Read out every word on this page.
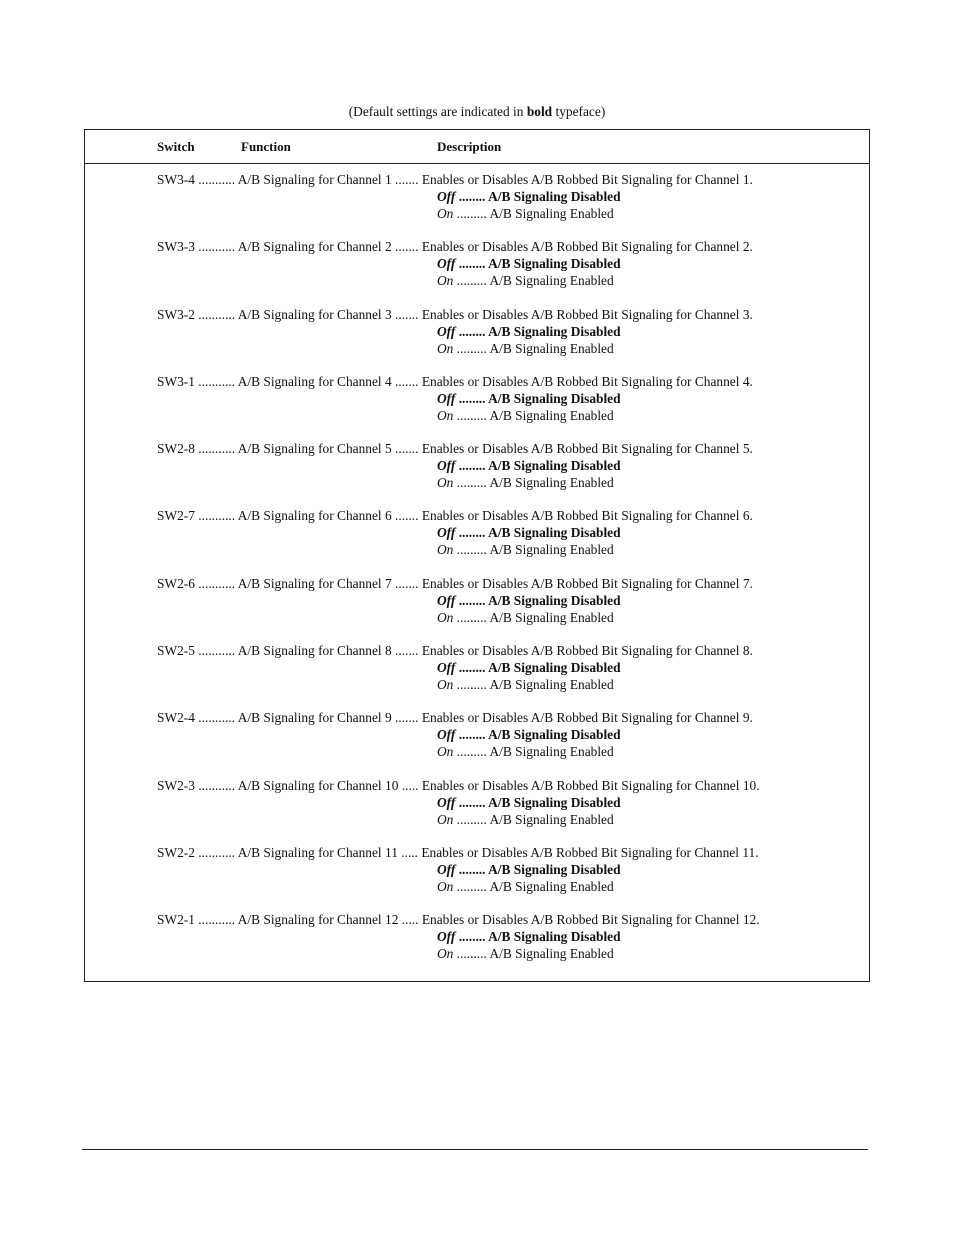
(Default settings are indicated in bold typeface)
Switch	Function	Description
SW3-4 ........... A/B Signaling for Channel 1 ....... Enables or Disables A/B Robbed Bit Signaling for Channel 1.
Off ........ A/B Signaling Disabled
On ......... A/B Signaling Enabled
SW3-3 ........... A/B Signaling for Channel 2 ....... Enables or Disables A/B Robbed Bit Signaling for Channel 2.
Off ........ A/B Signaling Disabled
On ......... A/B Signaling Enabled
SW3-2 ........... A/B Signaling for Channel 3 ....... Enables or Disables A/B Robbed Bit Signaling for Channel 3.
Off ........ A/B Signaling Disabled
On ......... A/B Signaling Enabled
SW3-1 ........... A/B Signaling for Channel 4 ....... Enables or Disables A/B Robbed Bit Signaling for Channel 4.
Off ........ A/B Signaling Disabled
On ......... A/B Signaling Enabled
SW2-8 ........... A/B Signaling for Channel 5 ....... Enables or Disables A/B Robbed Bit Signaling for Channel 5.
Off ........ A/B Signaling Disabled
On ......... A/B Signaling Enabled
SW2-7 ........... A/B Signaling for Channel 6 ....... Enables or Disables A/B Robbed Bit Signaling for Channel 6.
Off ........ A/B Signaling Disabled
On ......... A/B Signaling Enabled
SW2-6 ........... A/B Signaling for Channel 7 ....... Enables or Disables A/B Robbed Bit Signaling for Channel 7.
Off ........ A/B Signaling Disabled
On ......... A/B Signaling Enabled
SW2-5 ........... A/B Signaling for Channel 8 ....... Enables or Disables A/B Robbed Bit Signaling for Channel 8.
Off ........ A/B Signaling Disabled
On ......... A/B Signaling Enabled
SW2-4 ........... A/B Signaling for Channel 9 ....... Enables or Disables A/B Robbed Bit Signaling for Channel 9.
Off ........ A/B Signaling Disabled
On ......... A/B Signaling Enabled
SW2-3 ........... A/B Signaling for Channel 10 ..... Enables or Disables A/B Robbed Bit Signaling for Channel 10.
Off ........ A/B Signaling Disabled
On ......... A/B Signaling Enabled
SW2-2 ........... A/B Signaling for Channel 11 ..... Enables or Disables A/B Robbed Bit Signaling for Channel 11.
Off ........ A/B Signaling Disabled
On ......... A/B Signaling Enabled
SW2-1 ........... A/B Signaling for Channel 12 ..... Enables or Disables A/B Robbed Bit Signaling for Channel 12.
Off ........ A/B Signaling Disabled
On ......... A/B Signaling Enabled
